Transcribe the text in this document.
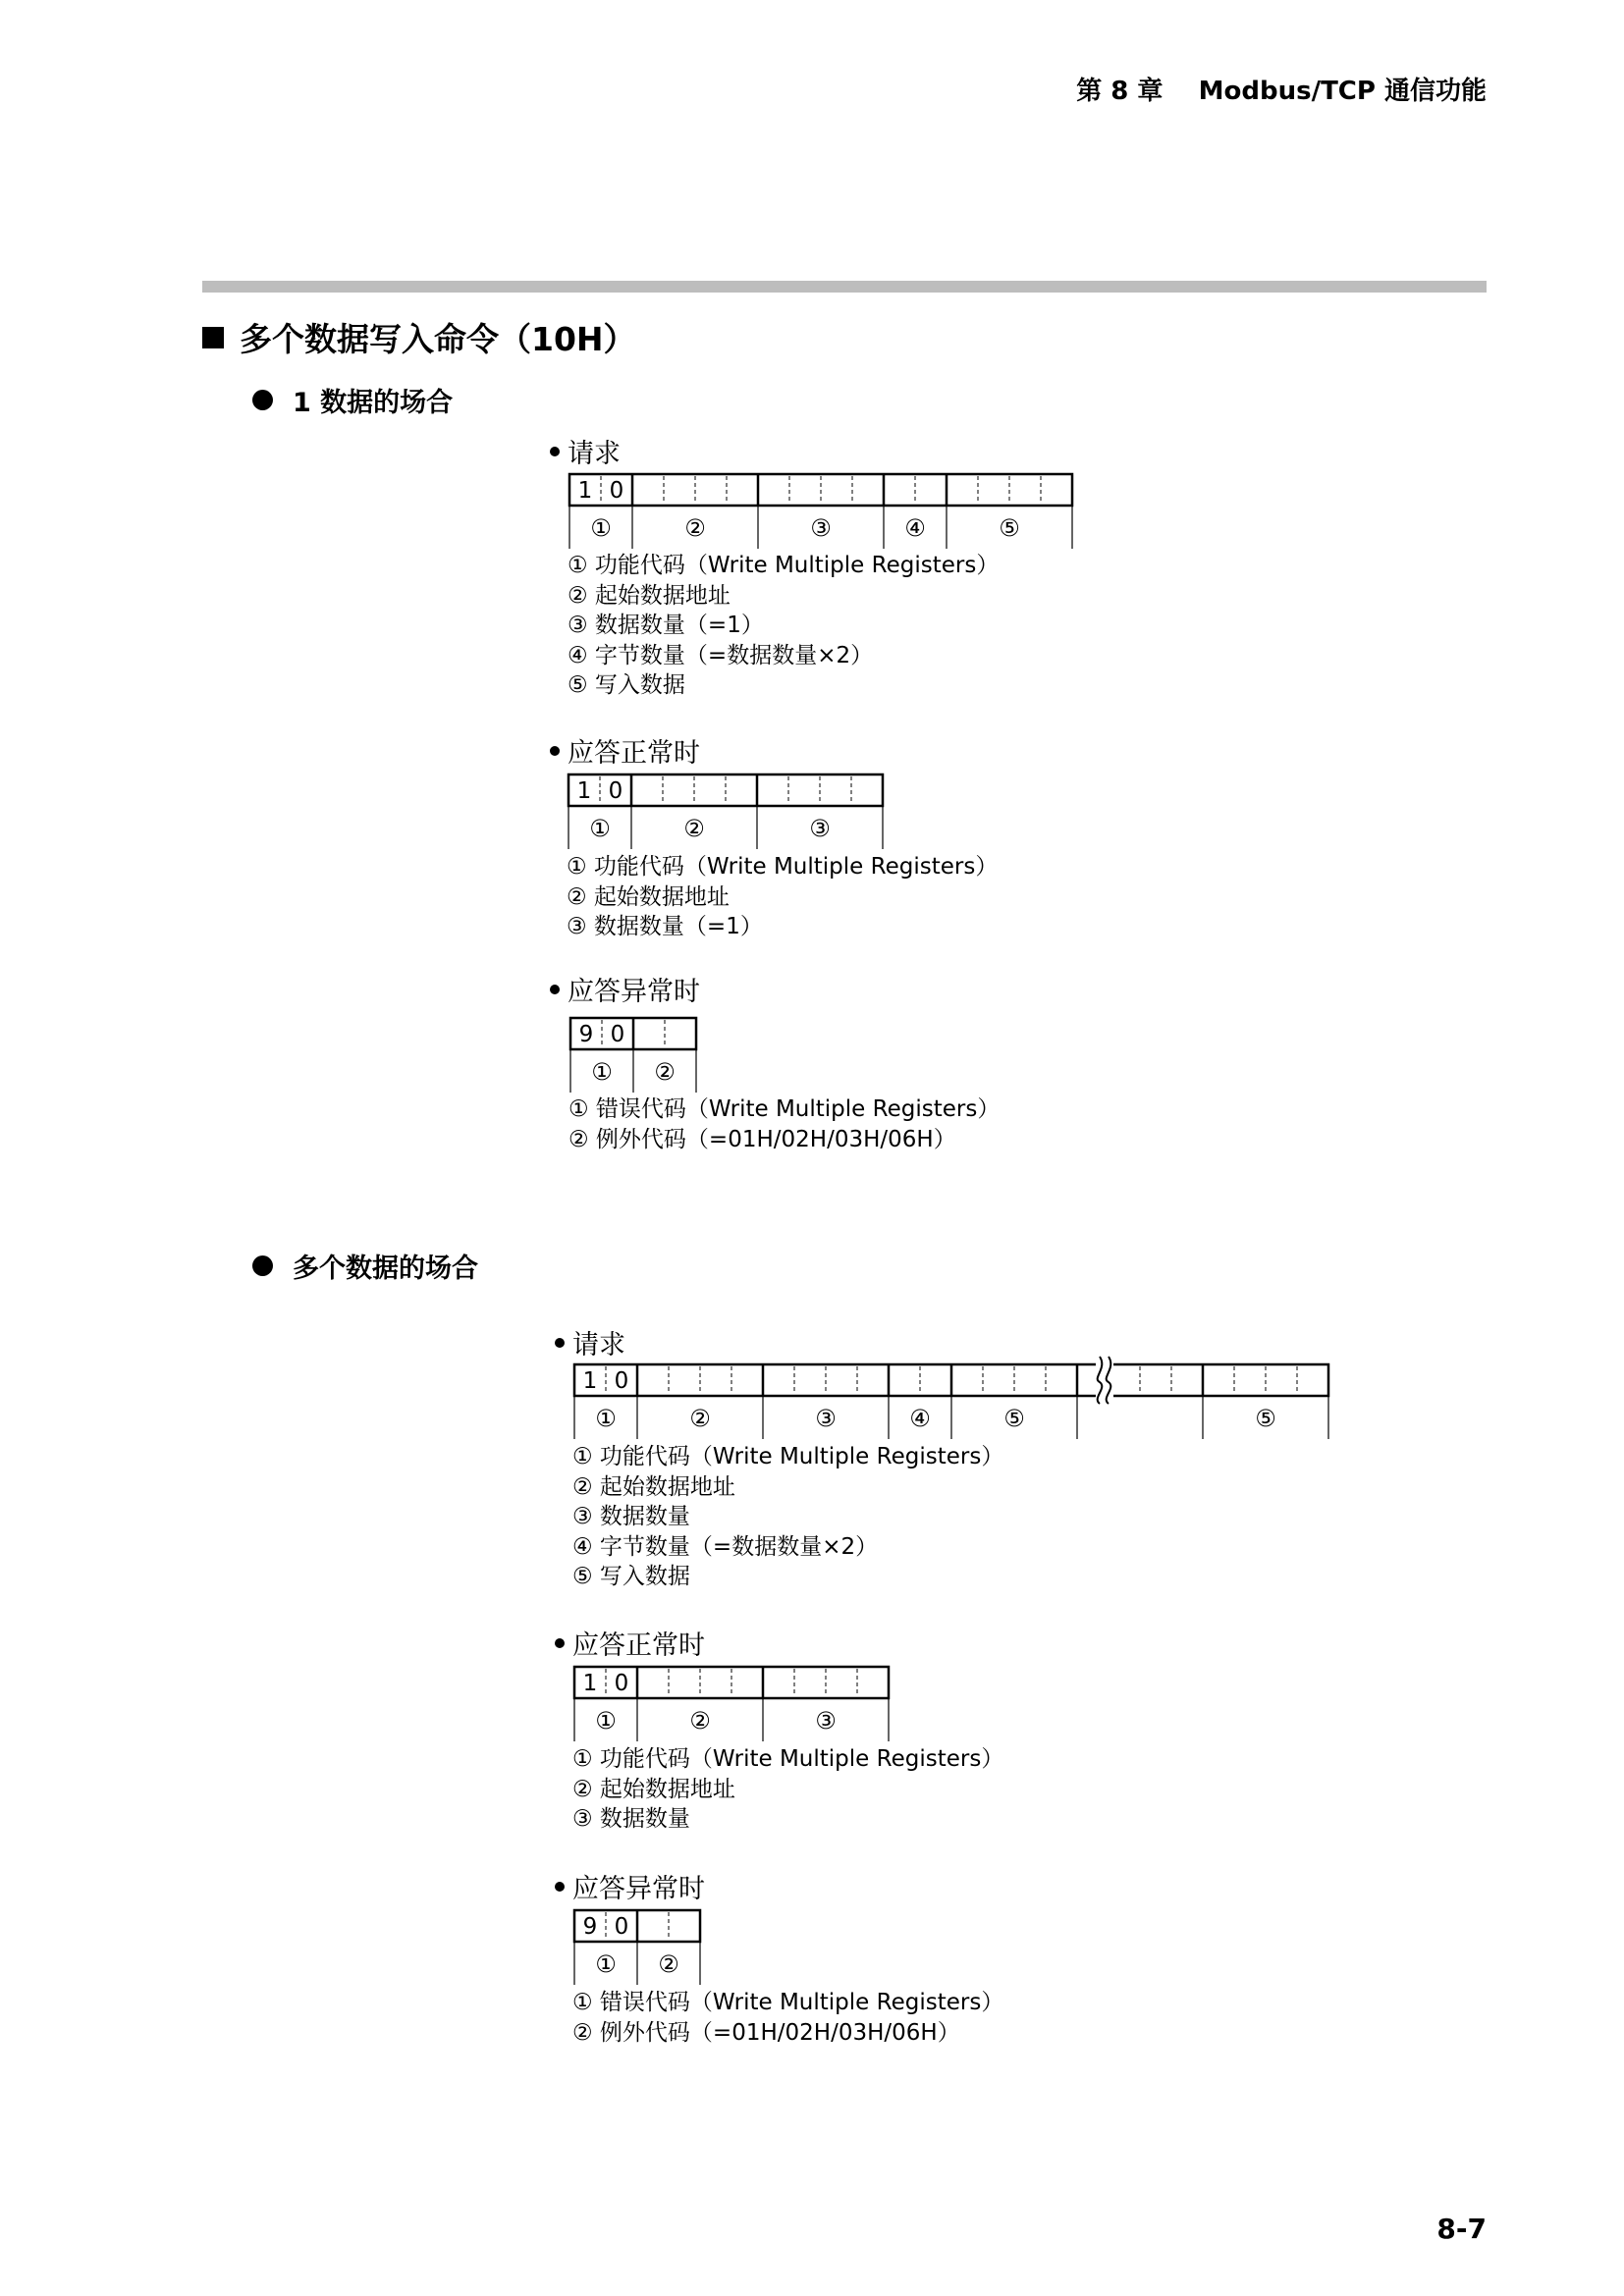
第 8 章 Modbus/TCP 通信功能
多个数据写入命令（10H）
1 数据的场合
请求
1 0
①	②	③	④	⑤
① 功能代码（Write Multiple Registers）
② 起始数据地址
③ 数据数量（=1）
④ 字节数量（=数据数量×2）
⑤ 写入数据
应答正常时
1 0
①	②	③
① 功能代码（Write Multiple Registers）
② 起始数据地址
③ 数据数量（=1）
应答异常时
9 0
① ②
① 错误代码（Write Multiple Registers）
② 例外代码（=01H/02H/03H/06H）
多个数据的场合
请求
1 0
①	②	③	④	⑤	⑤
① 功能代码（Write Multiple Registers）
② 起始数据地址
③ 数据数量
④ 字节数量（=数据数量×2）
⑤ 写入数据
应答正常时
1 0
①	②	③
① 功能代码（Write Multiple Registers）
② 起始数据地址
③ 数据数量
应答异常时
9 0
① ②
① 错误代码（Write Multiple Registers）
② 例外代码（=01H/02H/03H/06H）
8-7
